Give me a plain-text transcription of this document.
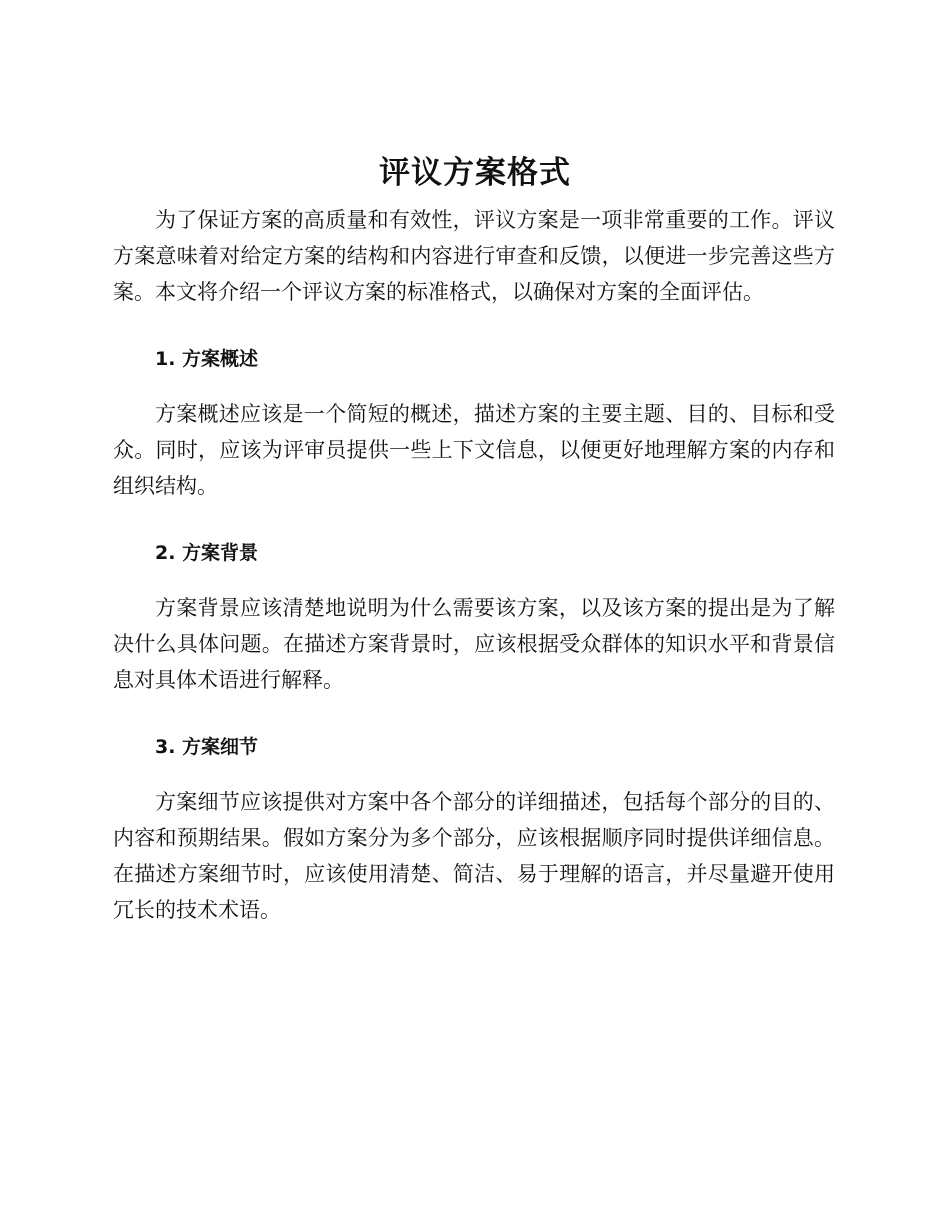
评议方案格式

为了保证方案的高质量和有效性，评议方案是一项非常重要的工作。评议方案意味着对给定方案的结构和内容进行审查和反馈，以便进一步完善这些方案。本文将介绍一个评议方案的标准格式，以确保对方案的全面评估。

1. 方案概述

方案概述应该是一个简短的概述，描述方案的主要主题、目的、目标和受众。同时，应该为评审员提供一些上下文信息，以便更好地理解方案的内存和组织结构。

2. 方案背景

方案背景应该清楚地说明为什么需要该方案，以及该方案的提出是为了解决什么具体问题。在描述方案背景时，应该根据受众群体的知识水平和背景信息对具体术语进行解释。

3. 方案细节

方案细节应该提供对方案中各个部分的详细描述，包括每个部分的目的、内容和预期结果。假如方案分为多个部分，应该根据顺序同时提供详细信息。在描述方案细节时，应该使用清楚、简洁、易于理解的语言，并尽量避开使用冗长的技术术语。
